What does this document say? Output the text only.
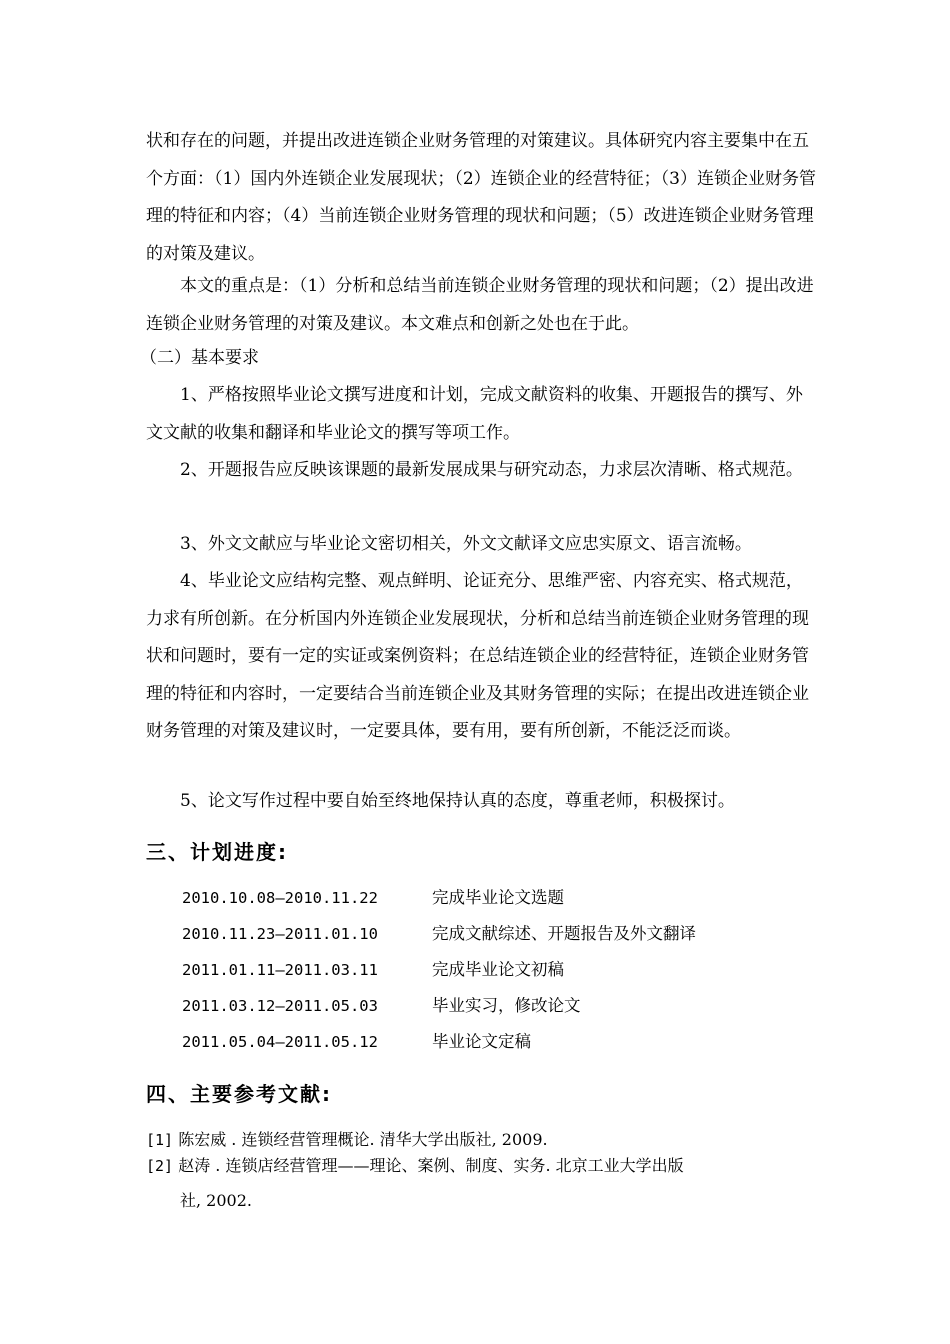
状和存在的问题，并提出改进连锁企业财务管理的对策建议。具体研究内容主要集中在五个方面：（1）国内外连锁企业发展现状；（2）连锁企业的经营特征；（3）连锁企业财务管理的特征和内容；（4）当前连锁企业财务管理的现状和问题；（5）改进连锁企业财务管理的对策及建议。

本文的重点是：（1）分析和总结当前连锁企业财务管理的现状和问题；（2）提出改进连锁企业财务管理的对策及建议。本文难点和创新之处也在于此。

（二）基本要求

1、严格按照毕业论文撰写进度和计划，完成文献资料的收集、开题报告的撰写、外文文献的收集和翻译和毕业论文的撰写等项工作。

2、开题报告应反映该课题的最新发展成果与研究动态，力求层次清晰、格式规范。

3、外文文献应与毕业论文密切相关，外文文献译文应忠实原文、语言流畅。

4、毕业论文应结构完整、观点鲜明、论证充分、思维严密、内容充实、格式规范，力求有所创新。在分析国内外连锁企业发展现状，分析和总结当前连锁企业财务管理的现状和问题时，要有一定的实证或案例资料；在总结连锁企业的经营特征，连锁企业财务管理的特征和内容时，一定要结合当前连锁企业及其财务管理的实际；在提出改进连锁企业财务管理的对策及建议时，一定要具体，要有用，要有所创新，不能泛泛而谈。

5、论文写作过程中要自始至终地保持认真的态度，尊重老师，积极探讨。

三、计划进度:
2010.10.08—2010.11.22	完成毕业论文选题
2010.11.23—2011.01.10	完成文献综述、开题报告及外文翻译
2011.01.11—2011.03.11	完成毕业论文初稿
2011.03.12—2011.05.03	毕业实习，修改论文
2011.05.04—2011.05.12	毕业论文定稿
四、主要参考文献:
[1] 陈宏威 . 连锁经营管理概论. 清华大学出版社, 2009.
[2] 赵涛 . 连锁店经营管理——理论、案例、制度、实务. 北京工业大学出版
社, 2002.
